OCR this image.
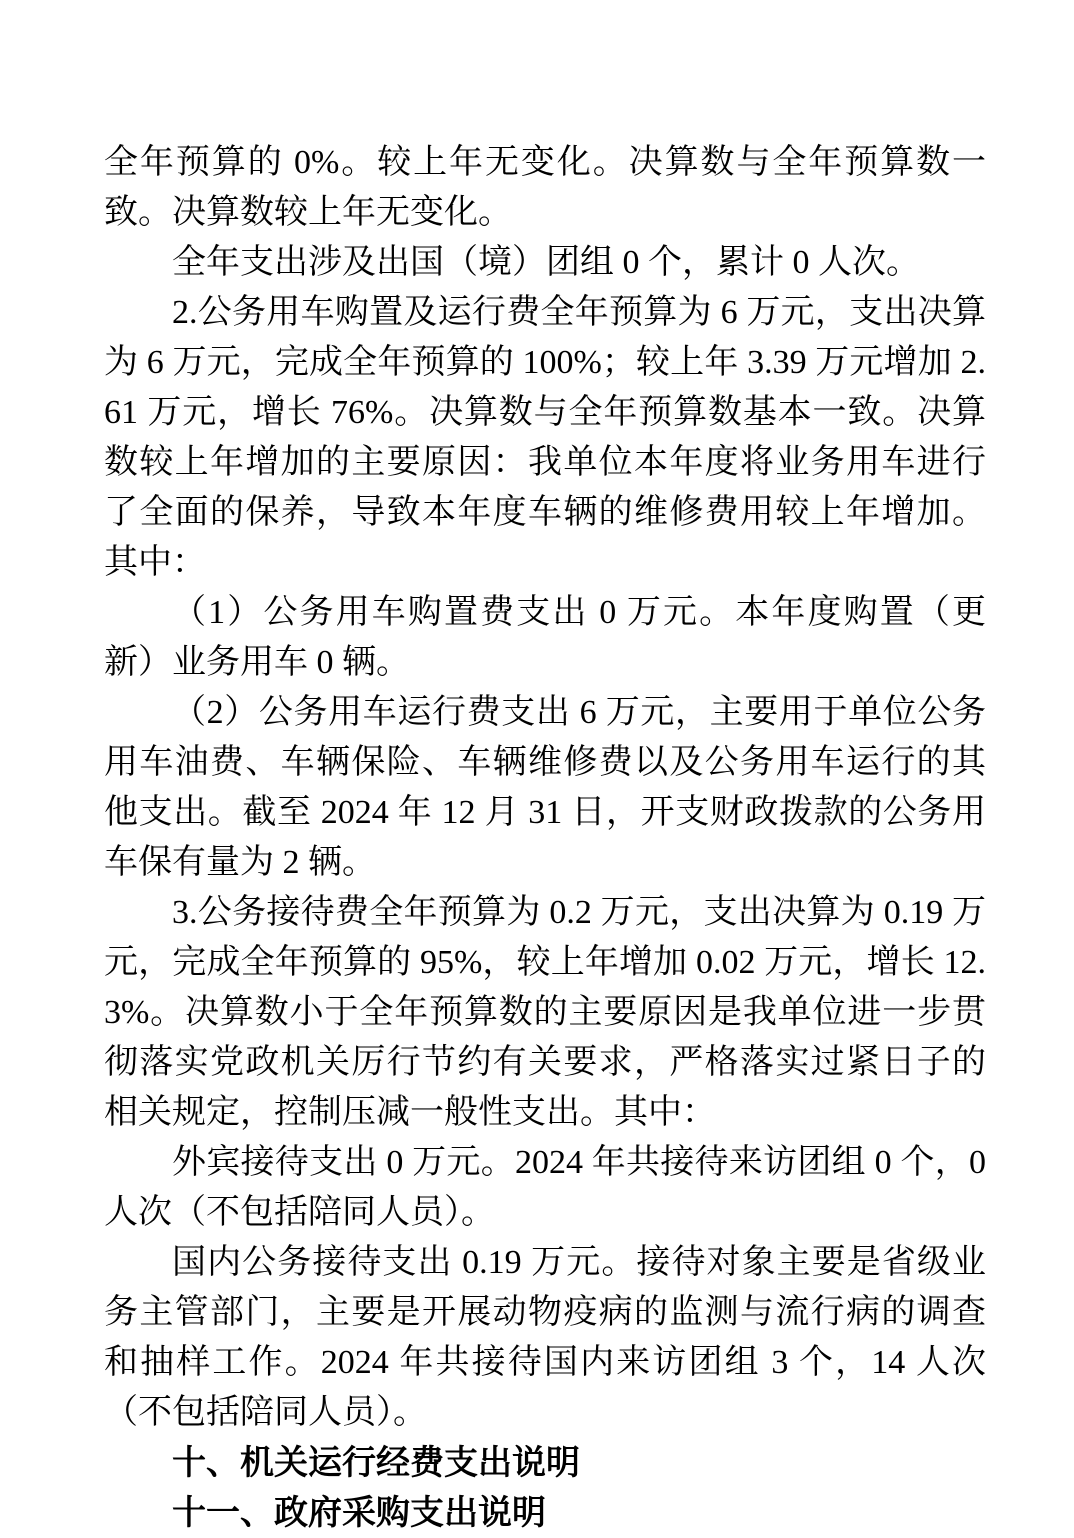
全年预算的 0%。较上年无变化。决算数与全年预算数一致。决算数较上年无变化。

全年支出涉及出国（境）团组 0 个，累计 0 人次。

2.公务用车购置及运行费全年预算为 6 万元，支出决算为 6 万元，完成全年预算的 100%；较上年 3.39 万元增加 2.61 万元，增长 76%。决算数与全年预算数基本一致。决算数较上年增加的主要原因：我单位本年度将业务用车进行了全面的保养，导致本年度车辆的维修费用较上年增加。其中：

（1）公务用车购置费支出 0 万元。本年度购置（更新）业务用车 0 辆。

（2）公务用车运行费支出 6 万元，主要用于单位公务用车油费、车辆保险、车辆维修费以及公务用车运行的其他支出。截至 2024 年 12 月 31 日，开支财政拨款的公务用车保有量为 2 辆。

3.公务接待费全年预算为 0.2 万元，支出决算为 0.19 万元，完成全年预算的 95%，较上年增加 0.02 万元，增长 12.3%。决算数小于全年预算数的主要原因是我单位进一步贯彻落实党政机关厉行节约有关要求，严格落实过紧日子的相关规定，控制压减一般性支出。其中：

外宾接待支出 0 万元。2024 年共接待来访团组 0 个，0 人次（不包括陪同人员）。

国内公务接待支出 0.19 万元。接待对象主要是省级业务主管部门，主要是开展动物疫病的监测与流行病的调查和抽样工作。2024 年共接待国内来访团组 3 个，14 人次（不包括陪同人员）。

十、机关运行经费支出说明

十一、政府采购支出说明
